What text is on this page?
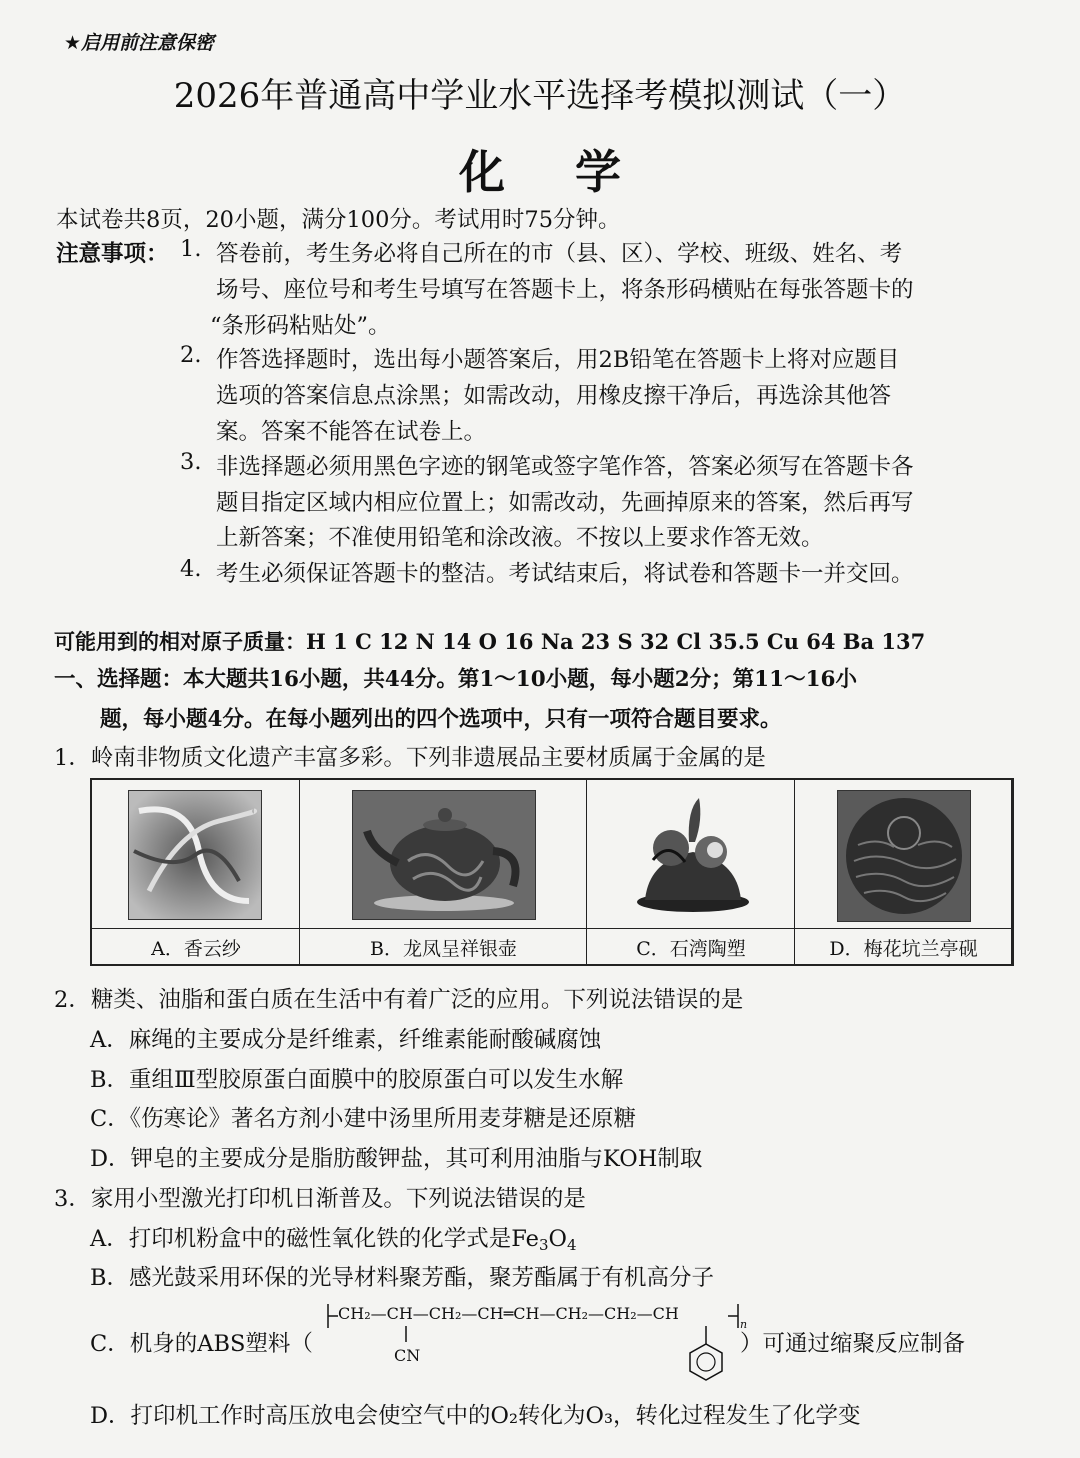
★启用前注意保密
2026年普通高中学业水平选择考模拟测试（一）
化学
本试卷共8页，20小题，满分100分。考试用时75分钟。
注意事项： 1. 答卷前，考生务必将自己所在的市（县、区）、学校、班级、姓名、考
场号、座位号和考生号填写在答题卡上，将条形码横贴在每张答题卡的
“条形码粘贴处”。
2. 作答选择题时，选出每小题答案后，用2B铅笔在答题卡上将对应题目
选项的答案信息点涂黑；如需改动，用橡皮擦干净后，再选涂其他答
案。答案不能答在试卷上。
3. 非选择题必须用黑色字迹的钢笔或签字笔作答，答案必须写在答题卡各
题目指定区域内相应位置上；如需改动，先画掉原来的答案，然后再写
上新答案；不准使用铅笔和涂改液。不按以上要求作答无效。
4. 考生必须保证答题卡的整洁。考试结束后，将试卷和答题卡一并交回。
可能用到的相对原子质量：H 1 C 12 N 14 O 16 Na 23 S 32 Cl 35.5 Cu 64 Ba 137
一、选择题：本大题共16小题，共44分。第1～10小题，每小题2分；第11～16小
题，每小题4分。在每小题列出的四个选项中，只有一项符合题目要求。
1．岭南非物质文化遗产丰富多彩。下列非遗展品主要材质属于金属的是
A．香云纱	B．龙凤呈祥银壶	C．石湾陶塑	D．梅花坑兰亭砚
2．糖类、油脂和蛋白质在生活中有着广泛的应用。下列说法错误的是
A．麻绳的主要成分是纤维素，纤维素能耐酸碱腐蚀
B．重组Ⅲ型胶原蛋白面膜中的胶原蛋白可以发生水解
C．《伤寒论》著名方剂小建中汤里所用麦芽糖是还原糖
D．钾皂的主要成分是脂肪酸钾盐，其可利用油脂与KOH制取
3．家用小型激光打印机日渐普及。下列说法错误的是
A．打印机粉盒中的磁性氧化铁的化学式是$Fe_3O_4$
B．感光鼓采用环保的光导材料聚芳酯，聚芳酯属于有机高分子
C．机身的ABS塑料（
CH₂—CH—CH₂—CH═CH—CH₂—CH₂—CH
n
CN	）可通过缩聚反应制备
D．打印机工作时高压放电会使空气中的O₂转化为O₃，转化过程发生了化学变
